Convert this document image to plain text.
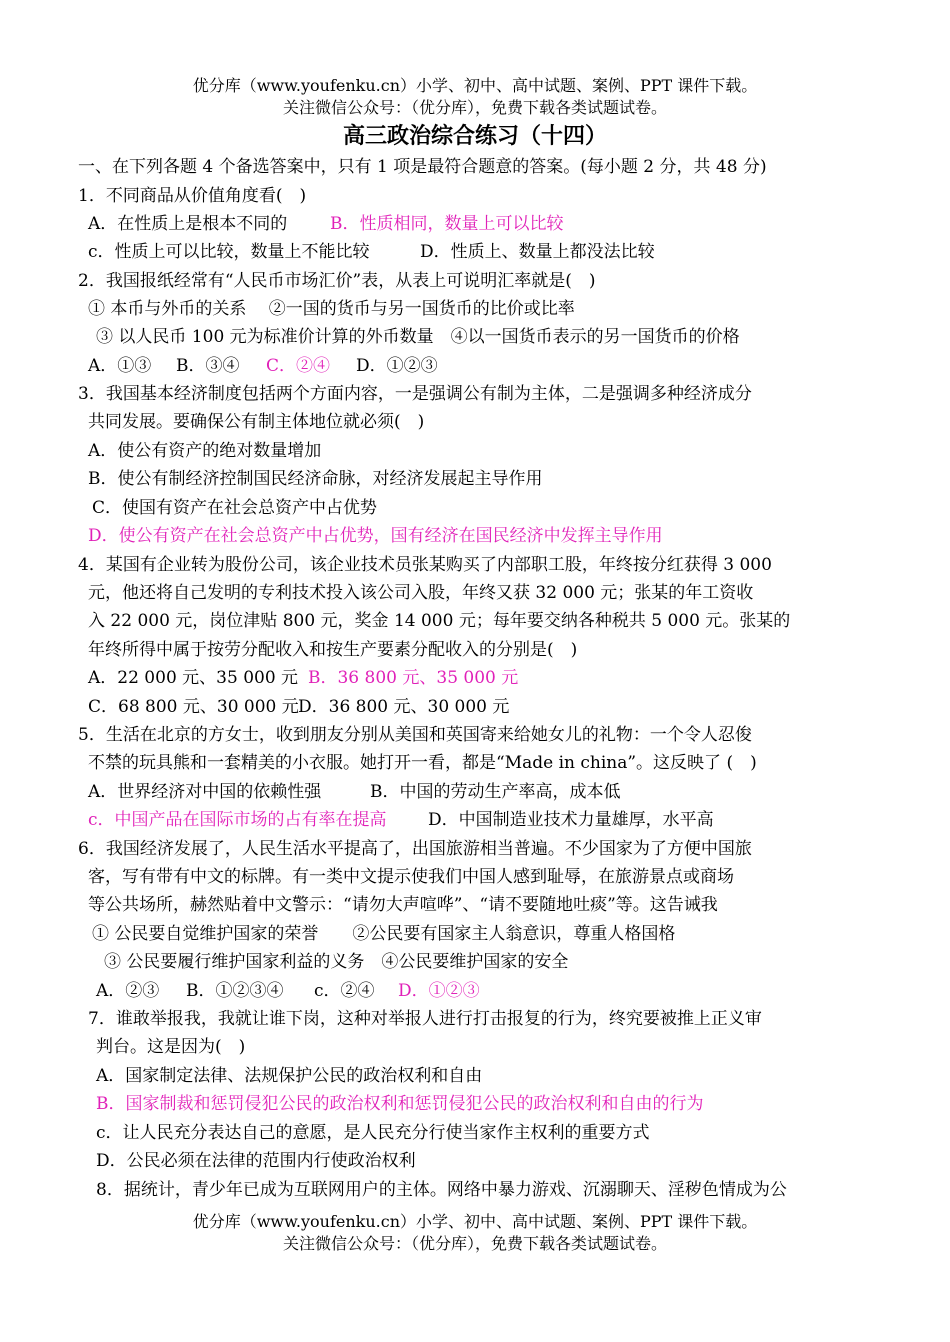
优分库（www.youfenku.cn）小学、初中、高中试题、案例、PPT 课件下载。
关注微信公众号：（优分库），免费下载各类试题试卷。
高三政治综合练习（十四）
一、在下列各题 4 个备选答案中，只有 1 项是最符合题意的答案。(每小题 2 分，共 48 分)
1．不同商品从价值角度看(　)
A．在性质上是根本不同的	B．性质相同，数量上可以比较
c．性质上可以比较，数量上不能比较	D．性质上、数量上都没法比较
2．我国报纸经常有“人民币市场汇价”表，从表上可说明汇率就是(　)
① 本币与外币的关系　 ②一国的货币与另一国货币的比价或比率
③ 以人民币 100 元为标准价计算的外币数量　④以一国货币表示的另一国货币的价格
A．①③ B．③④ C．②④ D．①②③
3．我国基本经济制度包括两个方面内容，一是强调公有制为主体，二是强调多种经济成分
共同发展。要确保公有制主体地位就必须(　)
A．使公有资产的绝对数量增加
B．使公有制经济控制国民经济命脉，对经济发展起主导作用
C．使国有资产在社会总资产中占优势
D．使公有资产在社会总资产中占优势，国有经济在国民经济中发挥主导作用
4．某国有企业转为股份公司，该企业技术员张某购买了内部职工股，年终按分红获得 3 000
元，他还将自己发明的专利技术投入该公司入股，年终又获 32 000 元；张某的年工资收
入 22 000 元，岗位津贴 800 元，奖金 14 000 元；每年要交纳各种税共 5 000 元。张某的
年终所得中属于按劳分配收入和按生产要素分配收入的分别是(　)
A．22 000 元、35 000 元 B．36 800 元、35 000 元
C．68 800 元、30 000 元 D．36 800 元、30 000 元
5．生活在北京的方女士，收到朋友分别从美国和英国寄来给她女儿的礼物：一个令人忍俊
不禁的玩具熊和一套精美的小衣服。她打开一看，都是“Made in china”。这反映了 (　)
A．世界经济对中国的依赖性强	B．中国的劳动生产率高，成本低
c．中国产品在国际市场的占有率在提高 D．中国制造业技术力量雄厚，水平高
6．我国经济发展了，人民生活水平提高了，出国旅游相当普遍。不少国家为了方便中国旅
客，写有带有中文的标牌。有一类中文提示使我们中国人感到耻辱，在旅游景点或商场
等公共场所，赫然贴着中文警示：“请勿大声喧哗”、“请不要随地吐痰”等。这告诫我
① 公民要自觉维护国家的荣誉　　②公民要有国家主人翁意识，尊重人格国格
③ 公民要履行维护国家利益的义务　④公民要维护国家的安全
A．②③ B．①②③④ c．②④ D．①②③
7．谁敢举报我，我就让谁下岗，这种对举报人进行打击报复的行为，终究要被推上正义审
判台。这是因为(　)
A．国家制定法律、法规保护公民的政治权利和自由
B．国家制裁和惩罚侵犯公民的政治权利和惩罚侵犯公民的政治权利和自由的行为
c．让人民充分表达自己的意愿，是人民充分行使当家作主权利的重要方式
D．公民必须在法律的范围内行使政治权利
8．据统计，青少年已成为互联网用户的主体。网络中暴力游戏、沉溺聊天、淫秽色情成为公
优分库（www.youfenku.cn）小学、初中、高中试题、案例、PPT 课件下载。
关注微信公众号：（优分库），免费下载各类试题试卷。
